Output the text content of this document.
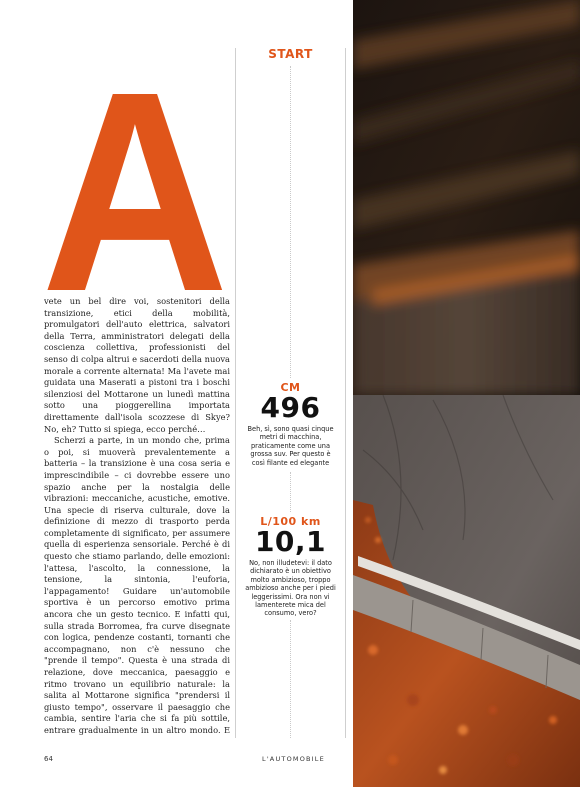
A

vete un bel dire voi, sostenitori della transizione, etici della mobilità, promulgatori dell'auto elettrica, salvatori della Terra, amministratori delegati della coscienza collettiva, professionisti del senso di colpa altrui e sacerdoti della nuova morale a corrente alternata! Ma l'avete mai guidata una Maserati a pistoni tra i boschi silenziosi del Mottarone un lunedì mattina sotto una pioggerellina importata direttamente dall'isola scozzese di Skye? No, eh? Tutto si spiega, ecco perché…

Scherzi a parte, in un mondo che, prima o poi, si muoverà prevalentemente a batteria – la transizione è una cosa seria e imprescindibile – ci dovrebbe essere uno spazio anche per la nostalgia delle vibrazioni: meccaniche, acustiche, emotive. Una specie di riserva culturale, dove la definizione di mezzo di trasporto perda completamente di significato, per assumere quella di esperienza sensoriale. Perché è di questo che stiamo parlando, delle emozioni: l'attesa, l'ascolto, la connessione, la tensione, la sintonia, l'euforia, l'appagamento! Guidare un'automobile sportiva è un percorso emotivo prima ancora che un gesto tecnico. E infatti qui, sulla strada Borromea, fra curve disegnate con logica, pendenze costanti, tornanti che accompagnano, non c'è nessuno che "prende il tempo". Questa è una strada di relazione, dove meccanica, paesaggio e ritmo trovano un equilibrio naturale: la salita al Mottarone significa "prendersi il giusto tempo", osservare il paesaggio che cambia, sentire l'aria che si fa più sottile, entrare gradualmente in un altro mondo. E

START
CM
496
Beh, sì, sono quasi cinque metri di macchina, praticamente come una grossa suv. Per questo è così filante ed elegante
L/100 km
10,1
No, non illudetevi: il dato dichiarato è un obiettivo molto ambizioso, troppo ambizioso anche per i piedi leggerissimi. Ora non vi lamenterete mica del consumo, vero?
64	L'AUTOMOBILE
